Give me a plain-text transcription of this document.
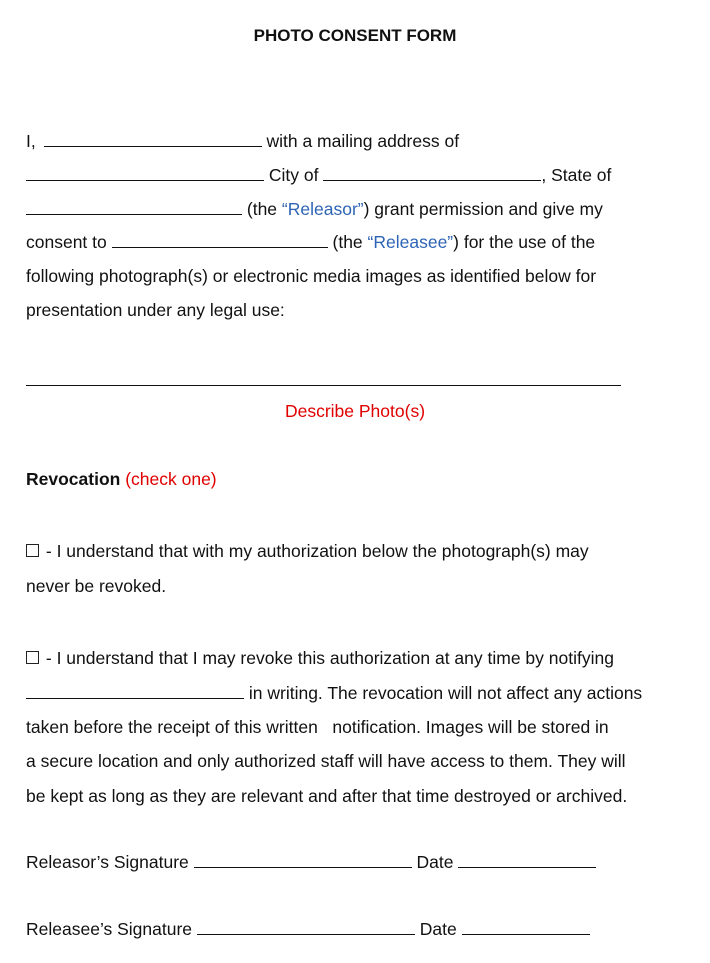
PHOTO CONSENT FORM
I,	with a mailing address of
City of	, State of
(the “Releasor”) grant permission and give my
consent to	(the “Releasee”) for the use of the
following photograph(s) or electronic media images as identified below for
presentation under any legal use:
Describe Photo(s)
Revocation (check one)
- I understand that with my authorization below the photograph(s) may
never be revoked.
- I understand that I may revoke this authorization at any time by notifying
in writing. The revocation will not affect any actions
taken before the receipt of this written   notification. Images will be stored in
a secure location and only authorized staff will have access to them. They will
be kept as long as they are relevant and after that time destroyed or archived.
Releasor’s Signature	Date
Releasee’s Signature	Date
